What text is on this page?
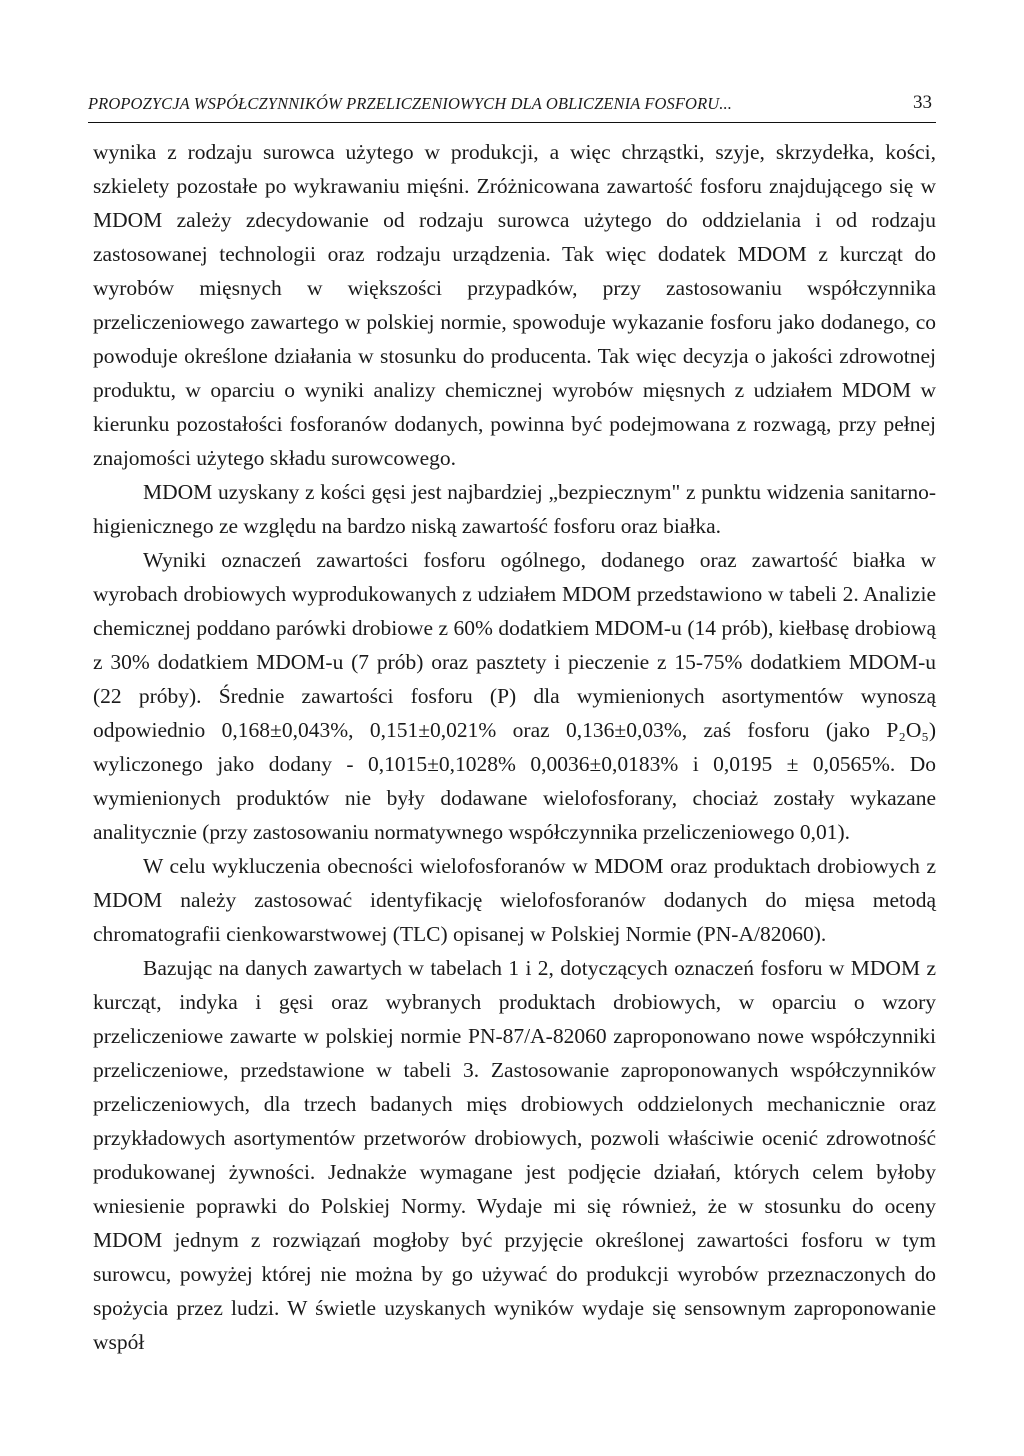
PROPOZYCJA WSPÓŁCZYNNIKÓW PRZELICZENIOWYCH DLA OBLICZENIA FOSFORU...	33

wynika z rodzaju surowca użytego w produkcji, a więc chrząstki, szyje, skrzydełka, kości, szkielety pozostałe po wykrawaniu mięśni. Zróżnicowana zawartość fosforu znajdującego się w MDOM zależy zdecydowanie od rodzaju surowca użytego do oddzielania i od rodzaju zastosowanej technologii oraz rodzaju urządzenia. Tak więc dodatek MDOM z kurcząt do wyrobów mięsnych w większości przypadków, przy zastosowaniu współczynnika przeliczeniowego zawartego w polskiej normie, spowoduje wykazanie fosforu jako dodanego, co powoduje określone działania w stosunku do producenta. Tak więc decyzja o jakości zdrowotnej produktu, w oparciu o wyniki analizy chemicznej wyrobów mięsnych z udziałem MDOM w kierunku pozostałości fosforanów dodanych, powinna być podejmowana z rozwagą, przy pełnej znajomości użytego składu surowcowego.

MDOM uzyskany z kości gęsi jest najbardziej „bezpiecznym" z punktu widzenia sanitarno-higienicznego ze względu na bardzo niską zawartość fosforu oraz białka.

Wyniki oznaczeń zawartości fosforu ogólnego, dodanego oraz zawartość białka w wyrobach drobiowych wyprodukowanych z udziałem MDOM przedstawiono w tabeli 2. Analizie chemicznej poddano parówki drobiowe z 60% dodatkiem MDOM-u (14 prób), kiełbasę drobiową z 30% dodatkiem MDOM-u (7 prób) oraz pasztety i pieczenie z 15-75% dodatkiem MDOM-u (22 próby). Średnie zawartości fosforu (P) dla wymienionych asortymentów wynoszą odpowiednio 0,168±0,043%, 0,151±0,021% oraz 0,136±0,03%, zaś fosforu (jako P₂O₅) wyliczonego jako dodany - 0,1015±0,1028% 0,0036±0,0183% i 0,0195 ± 0,0565%. Do wymienionych produktów nie były dodawane wielofosforany, chociaż zostały wykazane analitycznie (przy zastosowaniu normatywnego współczynnika przeliczeniowego 0,01).

W celu wykluczenia obecności wielofosforanów w MDOM oraz produktach drobiowych z MDOM należy zastosować identyfikację wielofosforanów dodanych do mięsa metodą chromatografii cienkowarstwowej (TLC) opisanej w Polskiej Normie (PN-A/82060).

Bazując na danych zawartych w tabelach 1 i 2, dotyczących oznaczeń fosforu w MDOM z kurcząt, indyka i gęsi oraz wybranych produktach drobiowych, w oparciu o wzory przeliczeniowe zawarte w polskiej normie PN-87/A-82060 zaproponowano nowe współczynniki przeliczeniowe, przedstawione w tabeli 3. Zastosowanie zaproponowanych współczynników przeliczeniowych, dla trzech badanych mięs drobiowych oddzielonych mechanicznie oraz przykładowych asortymentów przetworów drobiowych, pozwoli właściwie ocenić zdrowotność produkowanej żywności. Jednakże wymagane jest podjęcie działań, których celem byłoby wniesienie poprawki do Polskiej Normy. Wydaje mi się również, że w stosunku do oceny MDOM jednym z rozwiązań mogłoby być przyjęcie określonej zawartości fosforu w tym surowcu, powyżej której nie można by go używać do produkcji wyrobów przeznaczonych do spożycia przez ludzi. W świetle uzyskanych wyników wydaje się sensownym zaproponowanie współ
